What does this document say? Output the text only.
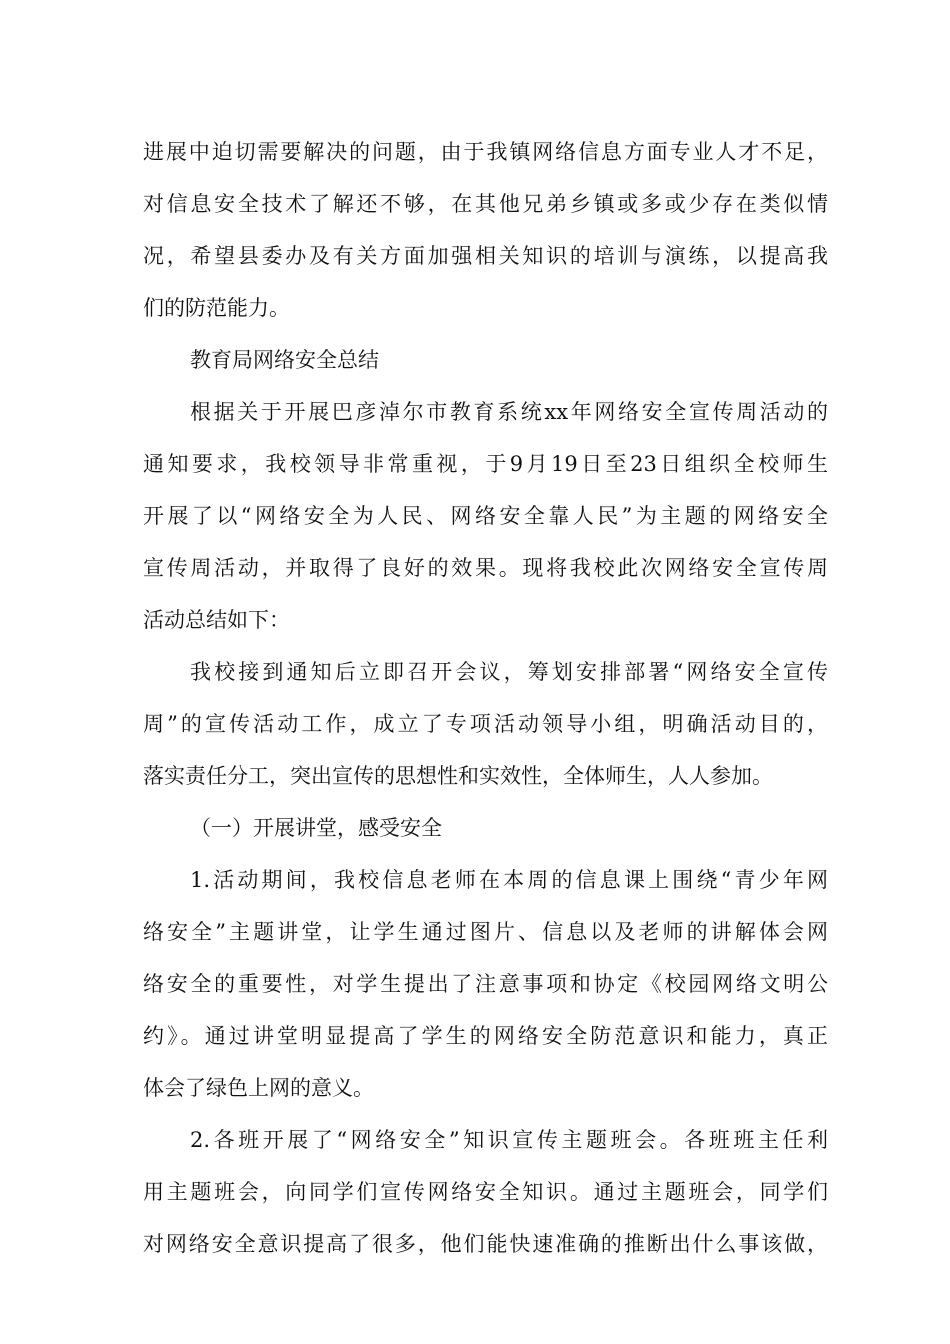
进展中迫切需要解决的问题，由于我镇网络信息方面专业人才不足，
对信息安全技术了解还不够，在其他兄弟乡镇或多或少存在类似情
况，希望县委办及有关方面加强相关知识的培训与演练，以提高我
们的防范能力。
教育局网络安全总结
根据关于开展巴彦淖尔市教育系统xx年网络安全宣传周活动的
通知要求，我校领导非常重视，于9月19日至23日组织全校师生
开展了以“网络安全为人民、网络安全靠人民”为主题的网络安全
宣传周活动，并取得了良好的效果。现将我校此次网络安全宣传周
活动总结如下：
我校接到通知后立即召开会议，筹划安排部署“网络安全宣传
周”的宣传活动工作，成立了专项活动领导小组，明确活动目的，
落实责任分工，突出宣传的思想性和实效性，全体师生，人人参加。
（一）开展讲堂，感受安全
1.活动期间，我校信息老师在本周的信息课上围绕“青少年网
络安全”主题讲堂，让学生通过图片、信息以及老师的讲解体会网
络安全的重要性，对学生提出了注意事项和协定《校园网络文明公
约》。通过讲堂明显提高了学生的网络安全防范意识和能力，真正
体会了绿色上网的意义。
2.各班开展了“网络安全”知识宣传主题班会。各班班主任利
用主题班会，向同学们宣传网络安全知识。通过主题班会，同学们
对网络安全意识提高了很多，他们能快速准确的推断出什么事该做，
